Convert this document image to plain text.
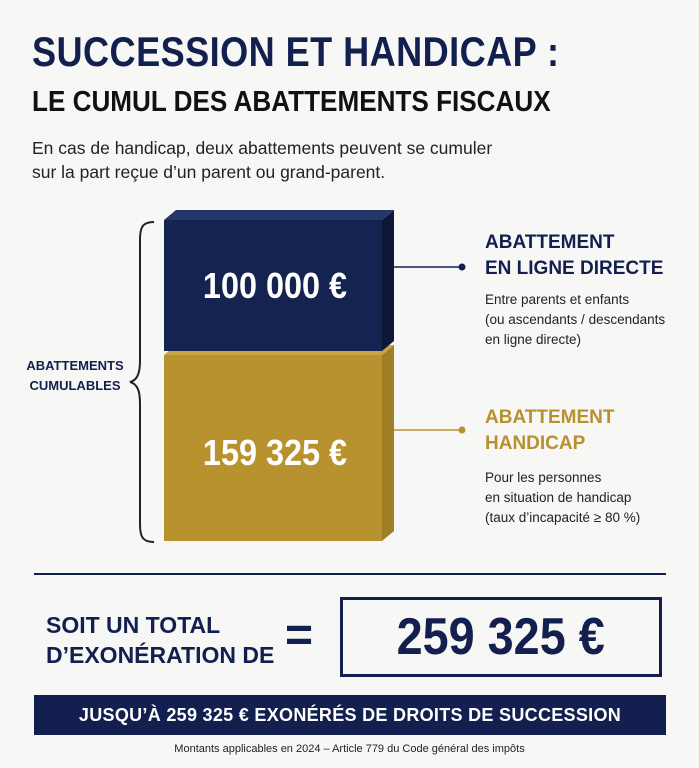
SUCCESSION ET HANDICAP :
LE CUMUL DES ABATTEMENTS FISCAUX
En cas de handicap, deux abattements peuvent se cumuler
sur la part reçue d’un parent ou grand-parent.
ABATTEMENTS
CUMULABLES
100 000 €
159 325 €
ABATTEMENT
EN LIGNE DIRECTE
Entre parents et enfants
(ou ascendants / descendants
en ligne directe)
ABATTEMENT
HANDICAP
Pour les personnes
en situation de handicap
(taux d’incapacité ≥ 80 %)
SOIT UN TOTAL
D’EXONÉRATION DE = 259 325 €
JUSQU’À 259 325 € EXONÉRÉS DE DROITS DE SUCCESSION
Montants applicables en 2024 – Article 779 du Code général des impôts
